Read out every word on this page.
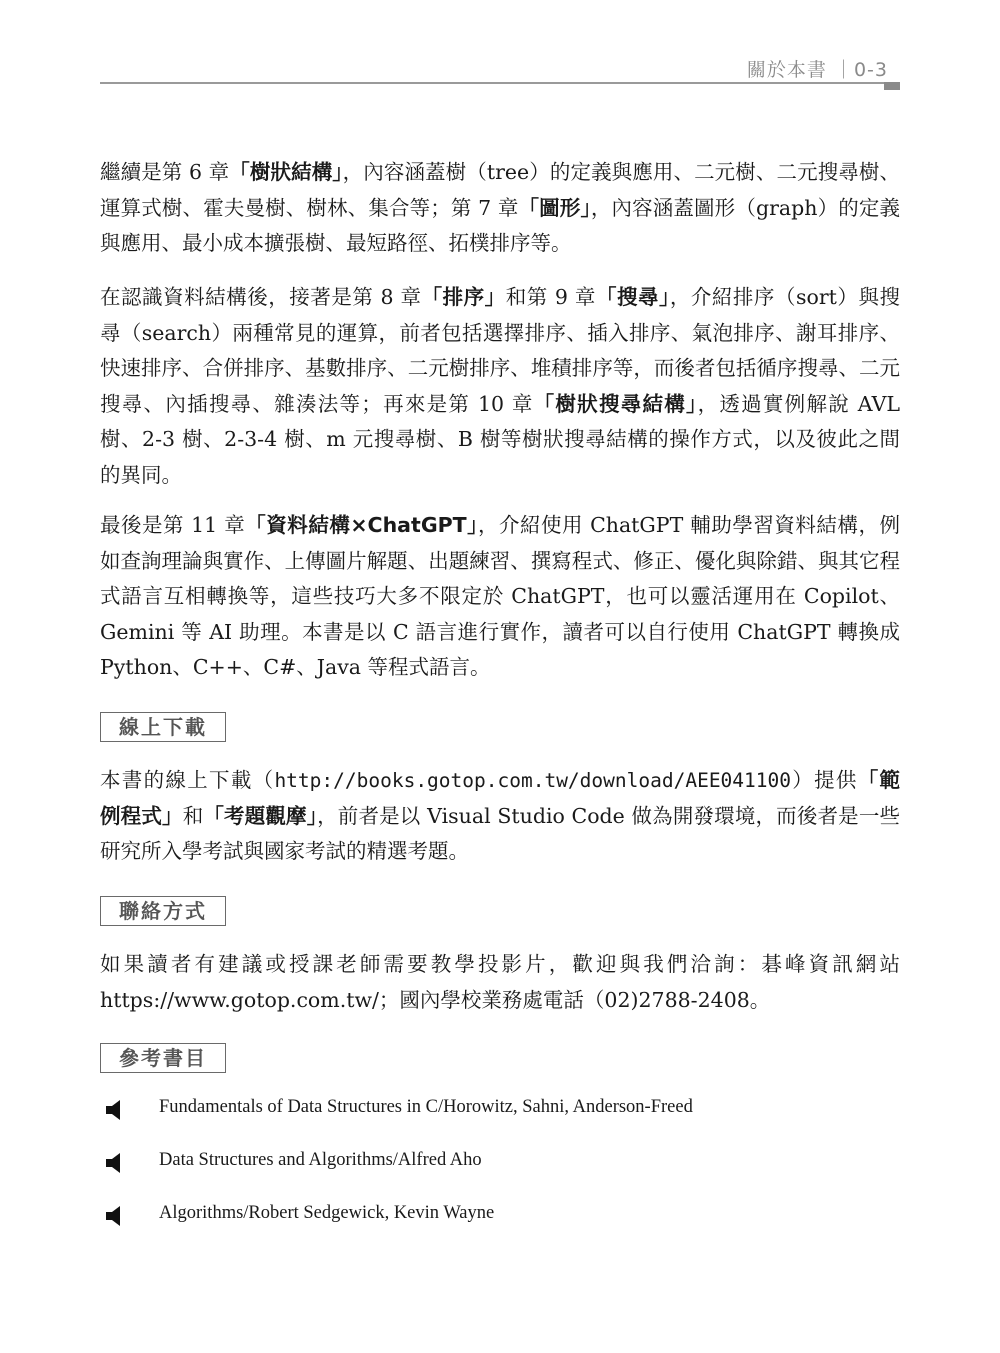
關於本書 ｜0-3
繼續是第 6 章「樹狀結構」，內容涵蓋樹（tree）的定義與應用、二元樹、二元搜尋樹、運算式樹、霍夫曼樹、樹林、集合等；第 7 章「圖形」，內容涵蓋圖形（graph）的定義與應用、最小成本擴張樹、最短路徑、拓樸排序等。
在認識資料結構後，接著是第 8 章「排序」和第 9 章「搜尋」，介紹排序（sort）與搜尋（search）兩種常見的運算，前者包括選擇排序、插入排序、氣泡排序、謝耳排序、快速排序、合併排序、基數排序、二元樹排序、堆積排序等，而後者包括循序搜尋、二元搜尋、內插搜尋、雜湊法等；再來是第 10 章「樹狀搜尋結構」，透過實例解說 AVL 樹、2-3 樹、2-3-4 樹、m 元搜尋樹、B 樹等樹狀搜尋結構的操作方式，以及彼此之間的異同。
最後是第 11 章「資料結構×ChatGPT」，介紹使用 ChatGPT 輔助學習資料結構，例如查詢理論與實作、上傳圖片解題、出題練習、撰寫程式、修正、優化與除錯、與其它程式語言互相轉換等，這些技巧大多不限定於 ChatGPT，也可以靈活運用在 Copilot、Gemini 等 AI 助理。本書是以 C 語言進行實作，讀者可以自行使用 ChatGPT 轉換成 Python、C++、C#、Java 等程式語言。
線上下載
本書的線上下載（http://books.gotop.com.tw/download/AEE041100）提供「範例程式」和「考題觀摩」，前者是以 Visual Studio Code 做為開發環境，而後者是一些研究所入學考試與國家考試的精選考題。
聯絡方式
如果讀者有建議或授課老師需要教學投影片，歡迎與我們洽詢：碁峰資訊網站 https://www.gotop.com.tw/；國內學校業務處電話（02)2788-2408。
參考書目
Fundamentals of Data Structures in C/Horowitz, Sahni, Anderson-Freed
Data Structures and Algorithms/Alfred Aho
Algorithms/Robert Sedgewick, Kevin Wayne
